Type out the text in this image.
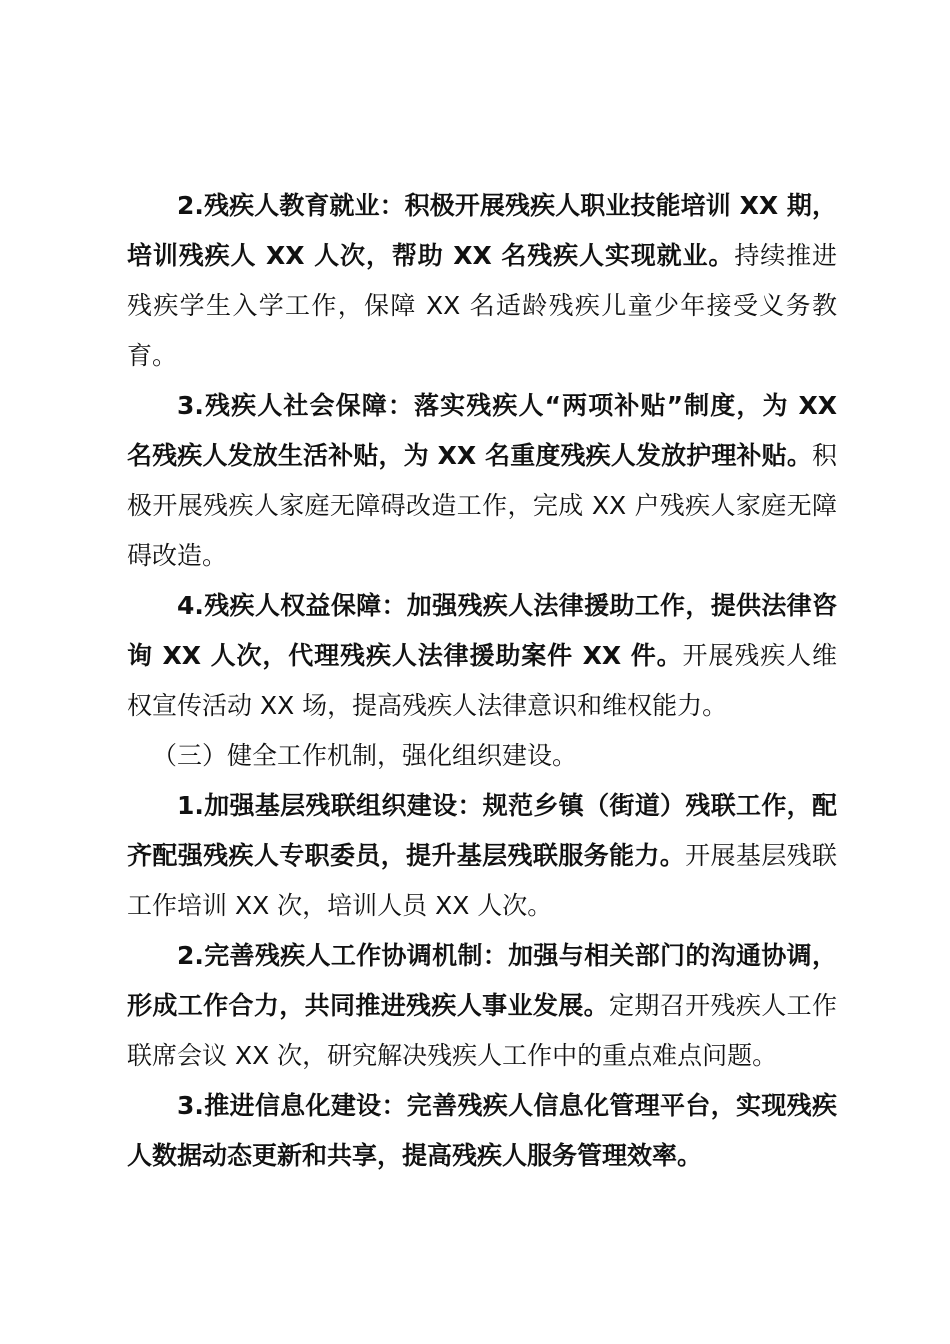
2.残疾人教育就业：积极开展残疾人职业技能培训 XX 期，培训残疾人 XX 人次，帮助 XX 名残疾人实现就业。持续推进残疾学生入学工作，保障 XX 名适龄残疾儿童少年接受义务教育。

3.残疾人社会保障：落实残疾人“两项补贴”制度，为 XX 名残疾人发放生活补贴，为 XX 名重度残疾人发放护理补贴。积极开展残疾人家庭无障碍改造工作，完成 XX 户残疾人家庭无障碍改造。

4.残疾人权益保障：加强残疾人法律援助工作，提供法律咨询 XX 人次，代理残疾人法律援助案件 XX 件。开展残疾人维权宣传活动 XX 场，提高残疾人法律意识和维权能力。

（三）健全工作机制，强化组织建设。

1.加强基层残联组织建设：规范乡镇（街道）残联工作，配齐配强残疾人专职委员，提升基层残联服务能力。开展基层残联工作培训 XX 次，培训人员 XX 人次。

2.完善残疾人工作协调机制：加强与相关部门的沟通协调，形成工作合力，共同推进残疾人事业发展。定期召开残疾人工作联席会议 XX 次，研究解决残疾人工作中的重点难点问题。

3.推进信息化建设：完善残疾人信息化管理平台，实现残疾人数据动态更新和共享，提高残疾人服务管理效率。
